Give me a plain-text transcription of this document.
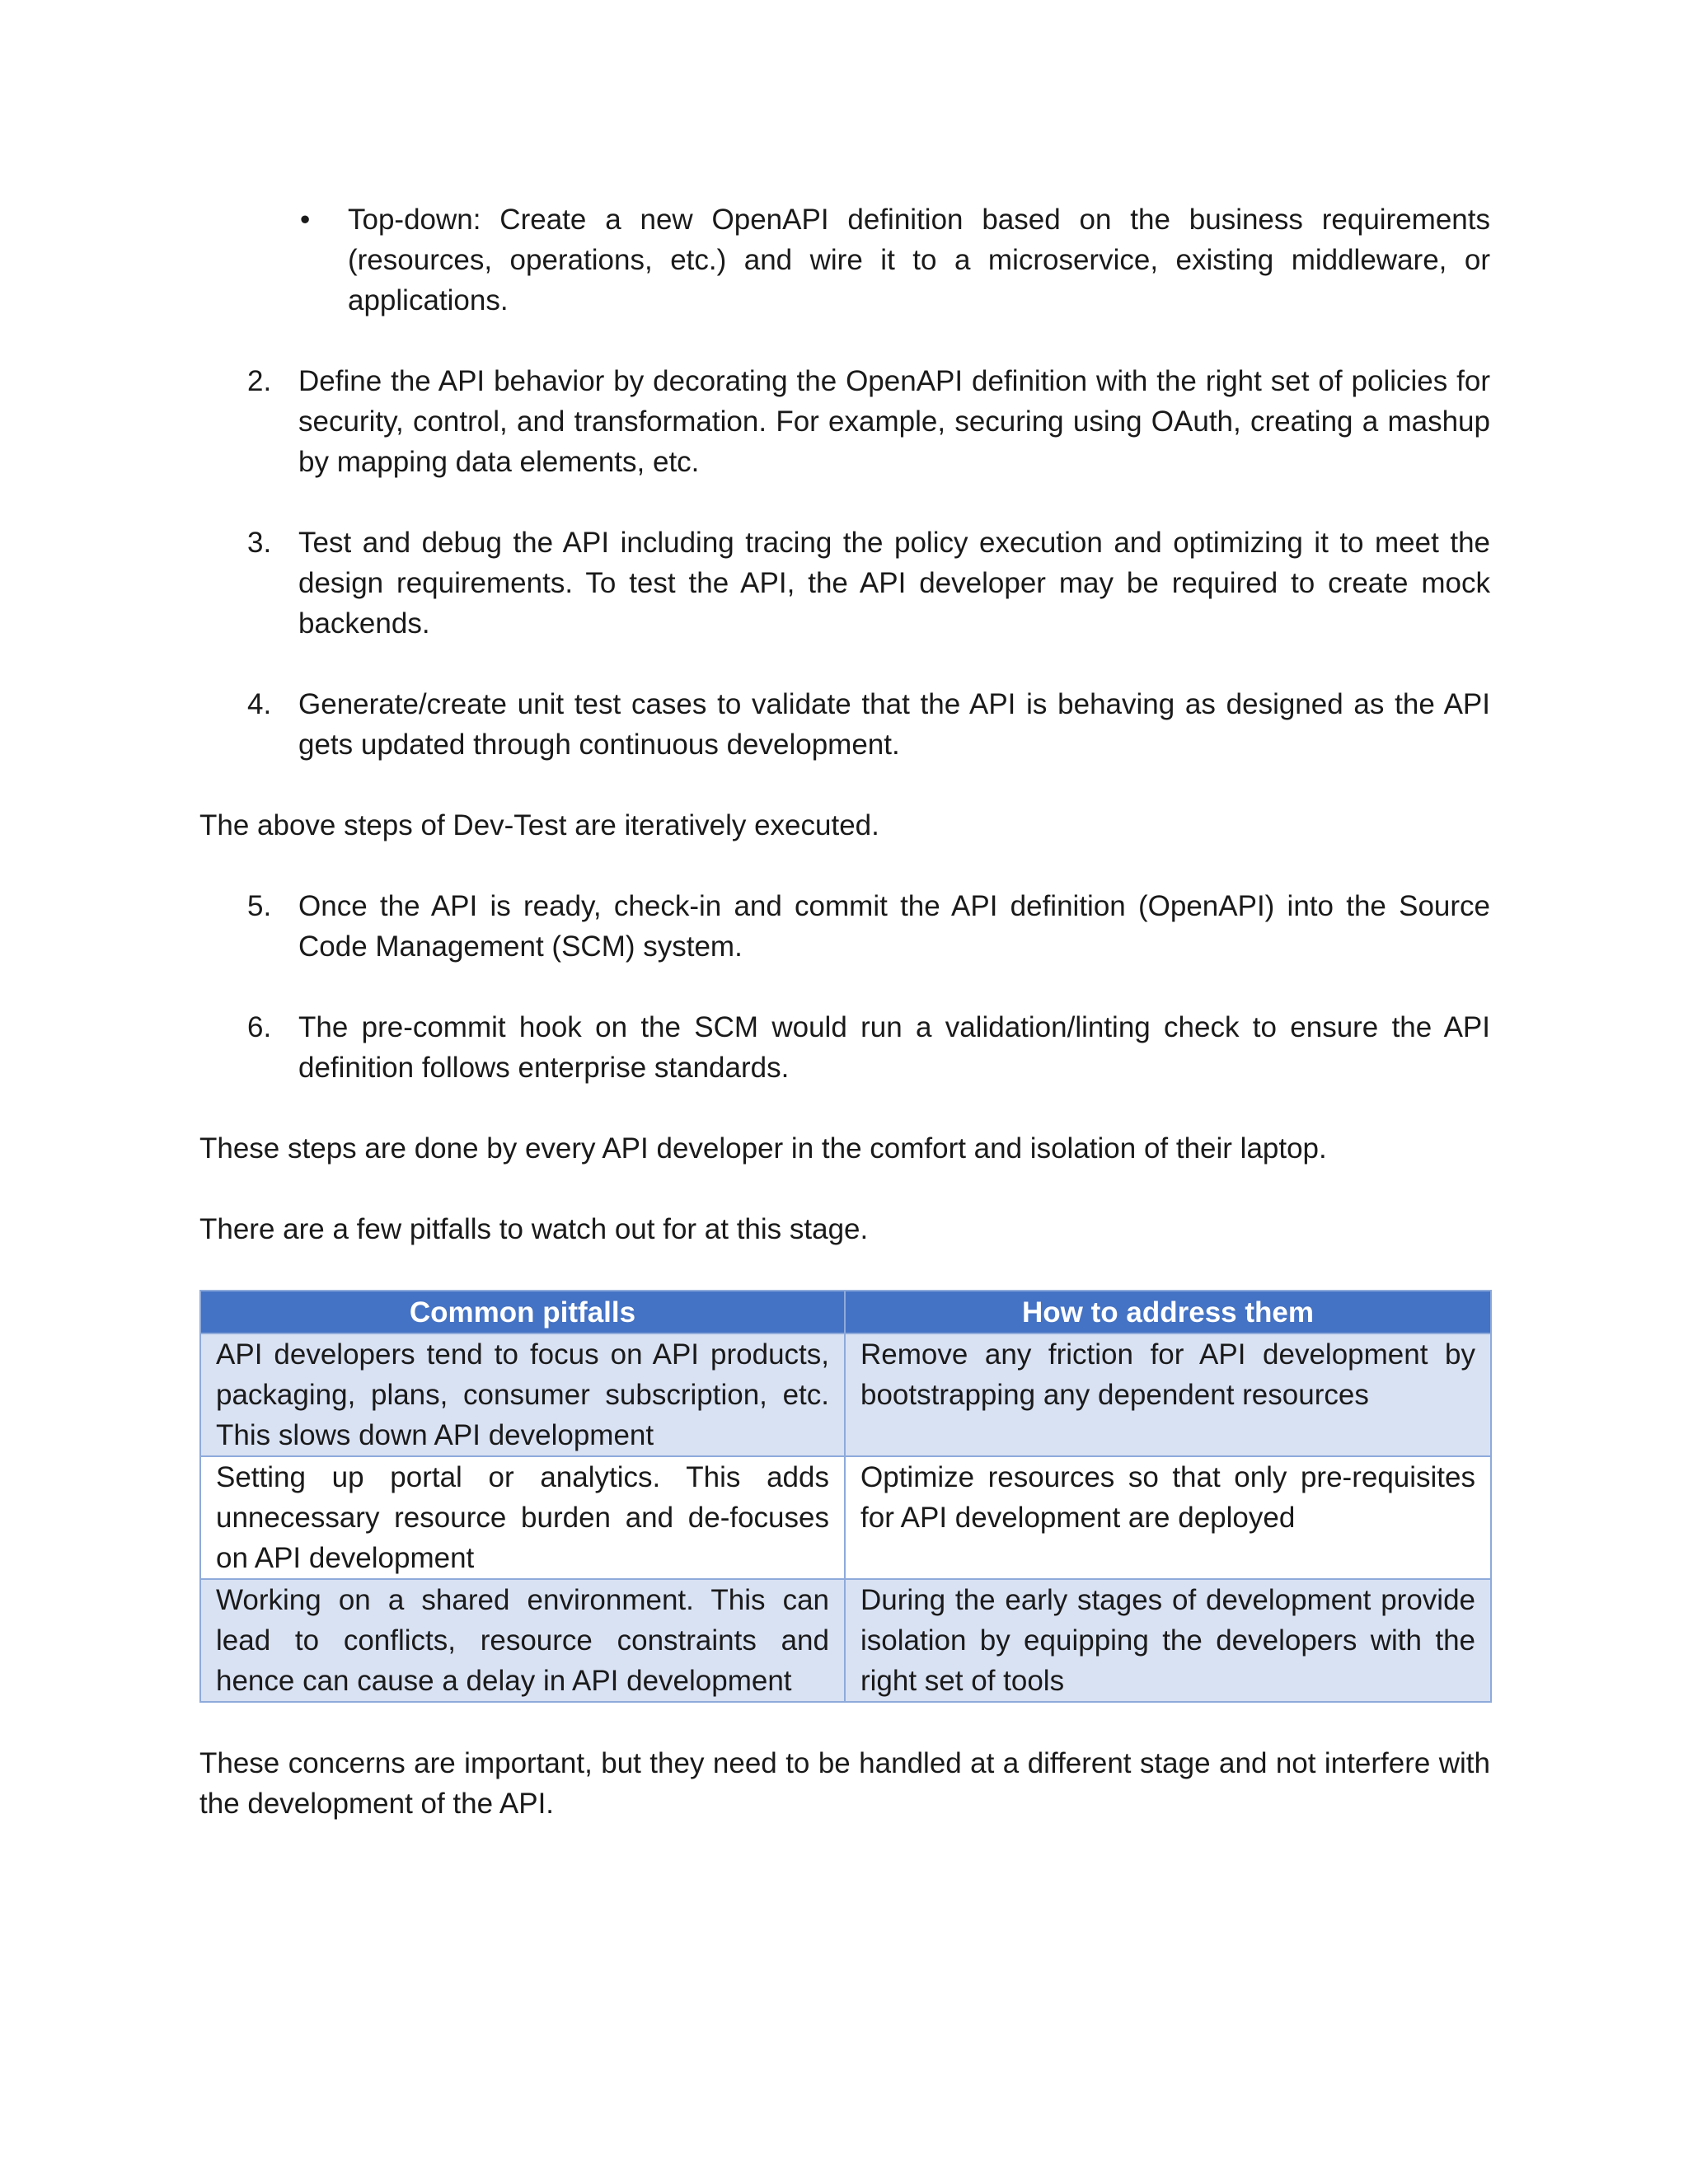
• Top-down: Create a new OpenAPI definition based on the business requirements (resources, operations, etc.) and wire it to a microservice, existing middleware, or applications.

2. Define the API behavior by decorating the OpenAPI definition with the right set of policies for security, control, and transformation. For example, securing using OAuth, creating a mashup by mapping data elements, etc.
3. Test and debug the API including tracing the policy execution and optimizing it to meet the design requirements. To test the API, the API developer may be required to create mock backends.
4. Generate/create unit test cases to validate that the API is behaving as designed as the API gets updated through continuous development.
The above steps of Dev-Test are iteratively executed.
5. Once the API is ready, check-in and commit the API definition (OpenAPI) into the Source Code Management (SCM) system.
6. The pre-commit hook on the SCM would run a validation/linting check to ensure the API definition follows enterprise standards.
These steps are done by every API developer in the comfort and isolation of their laptop.
There are a few pitfalls to watch out for at this stage.
Common pitfalls	How to address them
API developers tend to focus on API products, packaging, plans, consumer subscription, etc. This slows down API development	Remove any friction for API development by bootstrapping any dependent resources
Setting up portal or analytics. This adds unnecessary resource burden and de-focuses on API development	Optimize resources so that only pre-requisites for API development are deployed
Working on a shared environment. This can lead to conflicts, resource constraints and hence can cause a delay in API development	During the early stages of development provide isolation by equipping the developers with the right set of tools
These concerns are important, but they need to be handled at a different stage and not interfere with the development of the API.
